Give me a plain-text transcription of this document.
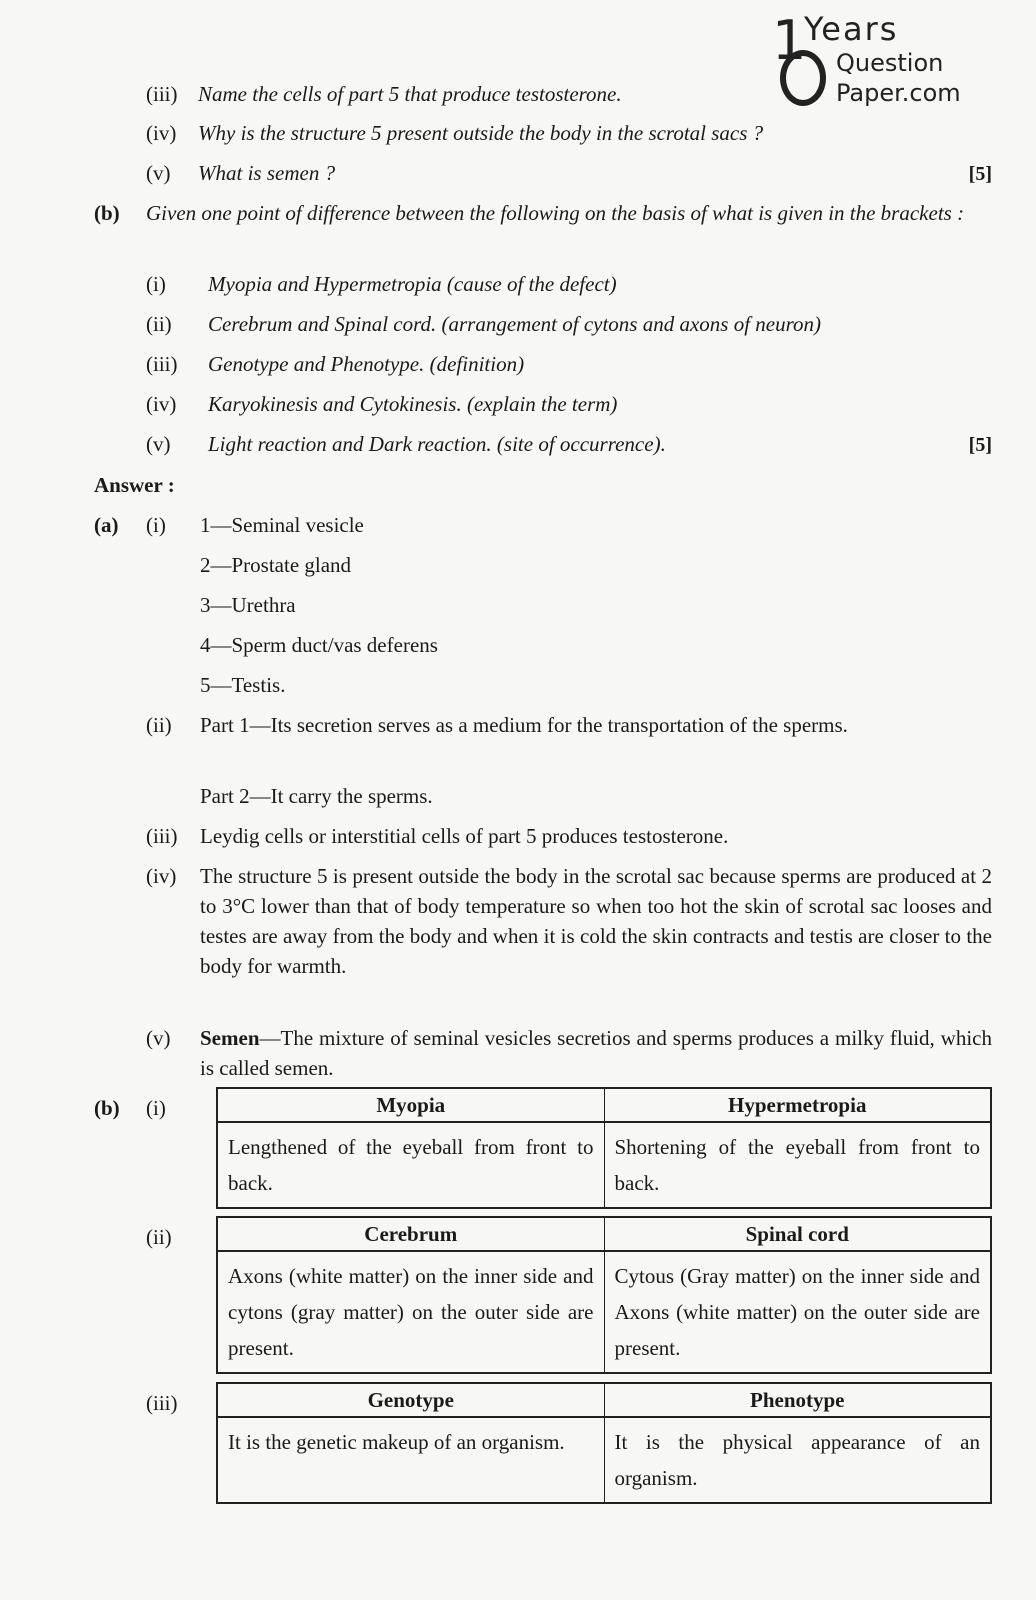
1
Years
Question
Paper.com
(iii) Name the cells of part 5 that produce testosterone.
(iv) Why is the structure 5 present outside the body in the scrotal sacs ?
(v) What is semen ?	[5]
(b) Given one point of difference between the following on the basis of what is given in the brackets :
(i) Myopia and Hypermetropia (cause of the defect)
(ii) Cerebrum and Spinal cord. (arrangement of cytons and axons of neuron)
(iii) Genotype and Phenotype. (definition)
(iv) Karyokinesis and Cytokinesis. (explain the term)
(v) Light reaction and Dark reaction. (site of occurrence).	[5]
Answer :
(a) (i) 1—Seminal vesicle
2—Prostate gland
3—Urethra
4—Sperm duct/vas deferens
5—Testis.
(ii) Part 1—Its secretion serves as a medium for the transportation of the sperms.
Part 2—It carry the sperms.
(iii) Leydig cells or interstitial cells of part 5 produces testosterone.
(iv) The structure 5 is present outside the body in the scrotal sac because sperms are produced at 2 to 3°C lower than that of body temperature so when too hot the skin of scrotal sac looses and testes are away from the body and when it is cold the skin contracts and testis are closer to the body for warmth.
(v) Semen—The mixture of seminal vesicles secretios and sperms produces a milky fluid, which is called semen.
(b) (i)	Myopia	Hypermetropia
Lengthened of the eyeball from front to back.	Shortening of the eyeball from front to back.
(ii)	Cerebrum	Spinal cord
Axons (white matter) on the inner side and cytons (gray matter) on the outer side are present.	Cytous (Gray matter) on the inner side and Axons (white matter) on the outer side are present.
(iii)	Genotype	Phenotype
It is the genetic makeup of an organism.	It is the physical appearance of an organism.
